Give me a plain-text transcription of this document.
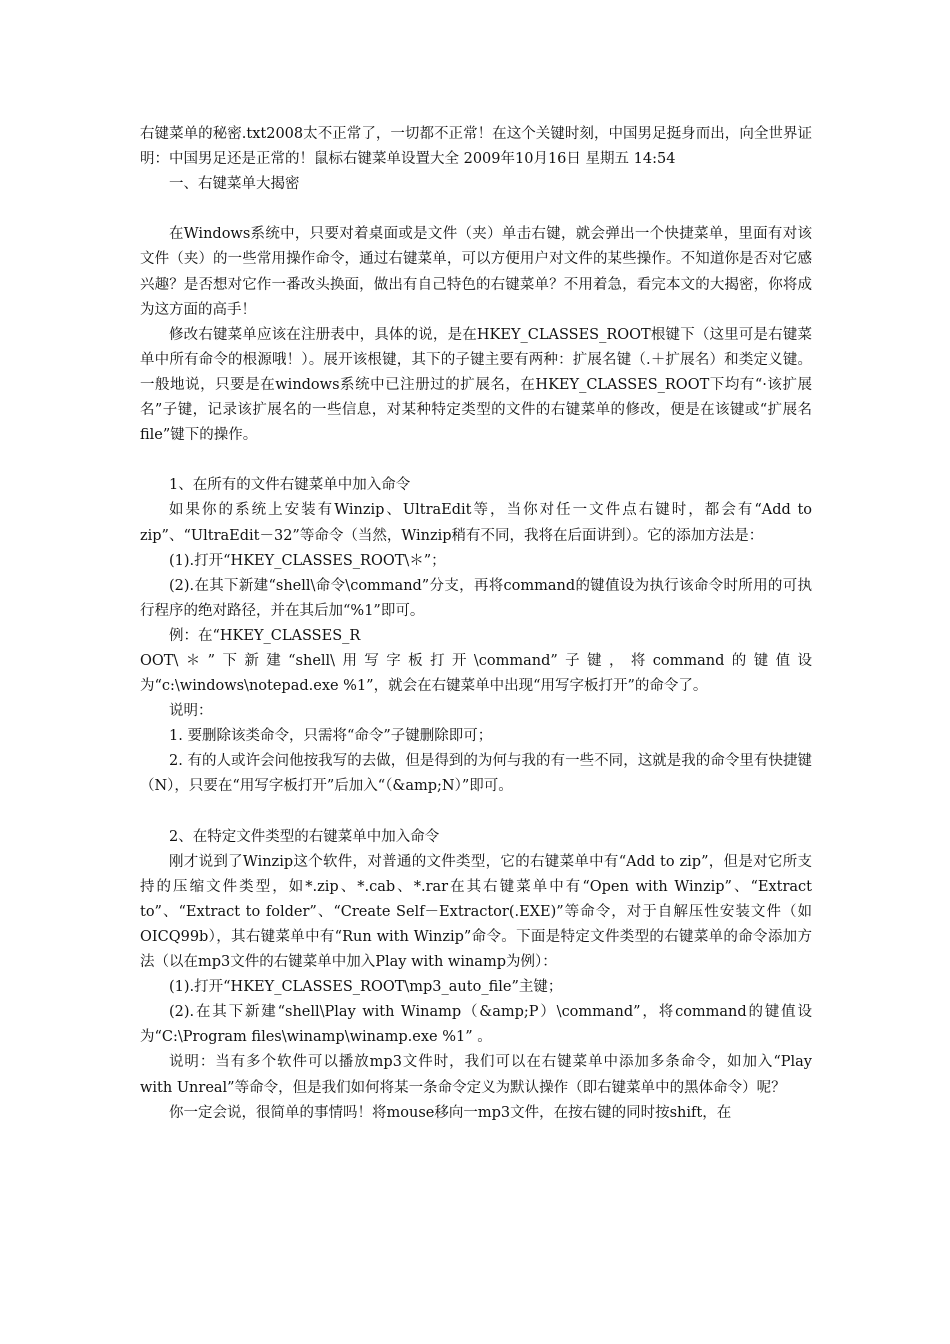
右键菜单的秘密.txt2008太不正常了，一切都不正常！在这个关键时刻，中国男足挺身而出，向全世界证明：中国男足还是正常的！鼠标右键菜单设置大全 2009年10月16日 星期五 14:54

一、右键菜单大揭密

在Windows系统中，只要对着桌面或是文件（夹）单击右键，就会弹出一个快捷菜单，里面有对该文件（夹）的一些常用操作命令，通过右键菜单，可以方便用户对文件的某些操作。不知道你是否对它感兴趣？是否想对它作一番改头换面，做出有自己特色的右键菜单？不用着急，看完本文的大揭密，你将成为这方面的高手！

修改右键菜单应该在注册表中，具体的说，是在HKEY_CLASSES_ROOT根键下（这里可是右键菜单中所有命令的根源哦！）。展开该根键，其下的子键主要有两种：扩展名键（.＋扩展名）和类定义键。一般地说，只要是在windows系统中已注册过的扩展名，在HKEY_CLASSES_ROOT下均有“·该扩展名”子键，记录该扩展名的一些信息，对某种特定类型的文件的右键菜单的修改，便是在该键或“扩展名file”键下的操作。

1、在所有的文件右键菜单中加入命令

如果你的系统上安装有Winzip、UltraEdit等，当你对任一文件点右键时，都会有“Add to zip”、“UltraEdit－32”等命令（当然，Winzip稍有不同，我将在后面讲到）。它的添加方法是：

(1).打开“HKEY_CLASSES_ROOT\＊”；

(2).在其下新建“shell\命令\command”分支，再将command的键值设为执行该命令时所用的可执行程序的绝对路径，并在其后加“%1”即可。

例：在“HKEY_CLASSES_R

OOT\＊”下新建“shell\用写字板打开\command”子键，将command的键值设为“c:\windows\notepad.exe %1”，就会在右键菜单中出现“用写字板打开”的命令了。

说明：

1. 要删除该类命令，只需将“命令”子键删除即可；

2. 有的人或许会问他按我写的去做，但是得到的为何与我的有一些不同，这就是我的命令里有快捷键（N），只要在“用写字板打开”后加入“（&amp;N）”即可。

2、在特定文件类型的右键菜单中加入命令

刚才说到了Winzip这个软件，对普通的文件类型，它的右键菜单中有“Add to zip”，但是对它所支持的压缩文件类型，如*.zip、*.cab、*.rar在其右键菜单中有“Open with Winzip”、“Extract to”、“Extract to folder”、“Create Self－Extractor(.EXE)”等命令，对于自解压性安装文件（如OICQ99b），其右键菜单中有“Run with Winzip”命令。下面是特定文件类型的右键菜单的命令添加方法（以在mp3文件的右键菜单中加入Play with winamp为例）：

(1).打开“HKEY_CLASSES_ROOT\mp3_auto_file”主键；

(2).在其下新建“shell\Play with Winamp（&amp;P）\command”，将command的键值设为“C:\Program files\winamp\winamp.exe %1” 。

说明：当有多个软件可以播放mp3文件时，我们可以在右键菜单中添加多条命令，如加入“Play with Unreal”等命令，但是我们如何将某一条命令定义为默认操作（即右键菜单中的黑体命令）呢？

你一定会说，很简单的事情吗！将mouse移向一mp3文件，在按右键的同时按shift，在
